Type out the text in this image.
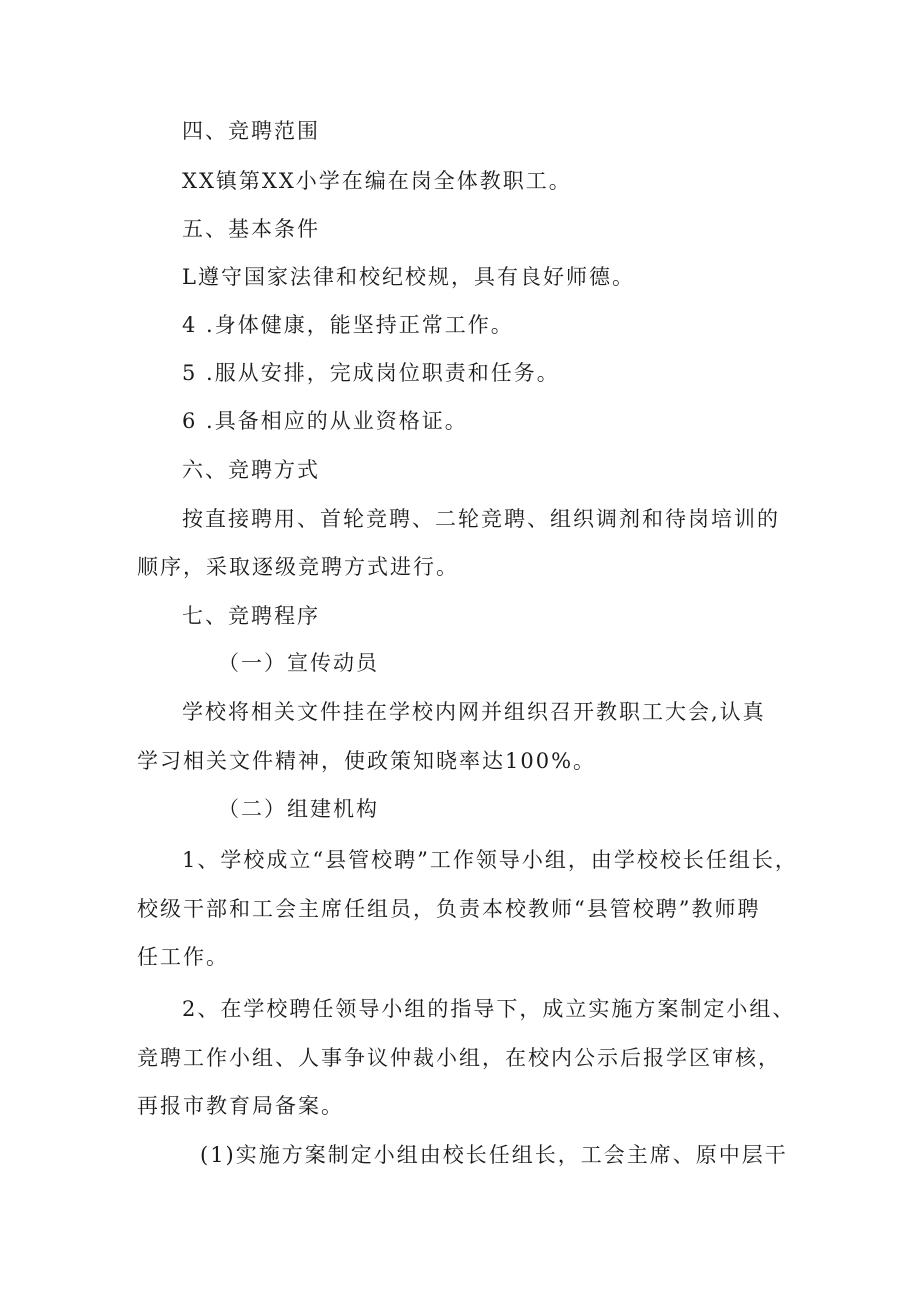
四、竞聘范围

XX镇第XX小学在编在岗全体教职工。

五、基本条件

L遵守国家法律和校纪校规，具有良好师德。

4 .身体健康，能坚持正常工作。

5 .服从安排，完成岗位职责和任务。

6 .具备相应的从业资格证。

六、竞聘方式

按直接聘用、首轮竞聘、二轮竞聘、组织调剂和待岗培训的

顺序，采取逐级竞聘方式进行。

七、竞聘程序

（一）宣传动员

学校将相关文件挂在学校内网并组织召开教职工大会,认真

学习相关文件精神，使政策知晓率达100%。

（二）组建机构

1、学校成立“县管校聘”工作领导小组，由学校校长任组长，

校级干部和工会主席任组员，负责本校教师“县管校聘”教师聘

任工作。

2、在学校聘任领导小组的指导下，成立实施方案制定小组、

竞聘工作小组、人事争议仲裁小组，在校内公示后报学区审核，

再报市教育局备案。

(1)实施方案制定小组由校长任组长，工会主席、原中层干
